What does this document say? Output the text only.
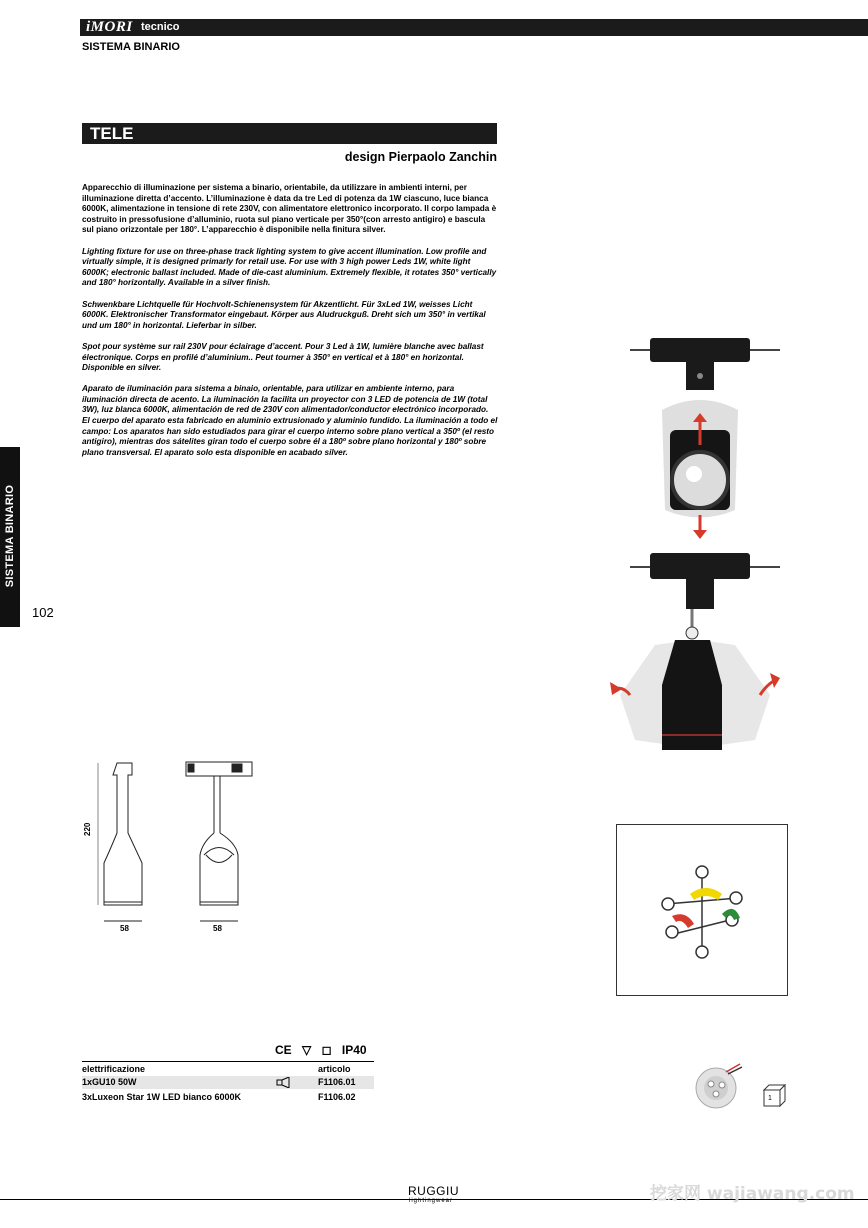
iMORI tecnico
SISTEMA BINARIO
SISTEMA BINARIO
102
TELE
design Pierpaolo Zanchin

Apparecchio di illuminazione per sistema a binario, orientabile, da utilizzare in ambienti interni, per illuminazione diretta d’accento. L’illuminazione è data da tre Led di potenza da 1W ciascuno, luce bianca 6000K, alimentazione in tensione di rete 230V, con alimentatore elettronico incorporato. Il corpo lampada è costruito in pressofusione d’alluminio, ruota sul piano verticale per 350°(con arresto antigiro) e bascula sul piano orizzontale per 180°. L’apparecchio è disponibile nella finitura silver.

Lighting fixture for use on three-phase track lighting system to give accent illumination. Low profile and virtually simple, it is designed primarly for retail use. For use with 3 high power Leds 1W, white light 6000K; electronic ballast included. Made of die-cast aluminium. Extremely flexible, it rotates 350° vertically and 180° horizontally. Available in a silver finish.

Schwenkbare Lichtquelle für Hochvolt-Schienensystem für Akzentlicht. Für 3xLed 1W, weisses Licht 6000K. Elektronischer Transformator eingebaut. Körper aus Aludruckguß. Dreht sich um 350° in vertikal und um 180° in horizontal. Lieferbar in silber.

Spot pour système sur rail 230V pour éclairage d’accent. Pour 3 Led à 1W, lumière blanche avec ballast électronique. Corps en profilé d’aluminium.. Peut tourner à 350° en vertical et à 180° en horizontal. Disponible en silver.

Aparato de iluminación para sistema a binaio, orientable, para utilizar en ambiente interno, para iluminación directa de acento. La iluminación la facilita un proyector con 3 LED de potencia de 1W (total 3W), luz blanca 6000K, alimentación de red de 230V con alimentador/conductor electrónico incorporado. El cuerpo del aparato esta fabricado en aluminio extrusionado y aluminio fundido. La iluminación a todo el campo: Los aparatos han sido estudiados para girar el cuerpo interno sobre plano vertical a 350º (el resto antigiro), mientras dos sátelites giran todo el cuerpo sobre él a 180º sobre plano horizontal y 180º sobre plano transversal. El aparato solo esta disponible en acabado silver.

58	58
220
CE ▽ ◻ IP40
elettrificazione	articolo
1xGU10 50W	F1106.01
3xLuxeon Star 1W LED bianco 6000K	F1106.02	1
RUGGIU
lightingwear	挖家网 wajiawang.com
